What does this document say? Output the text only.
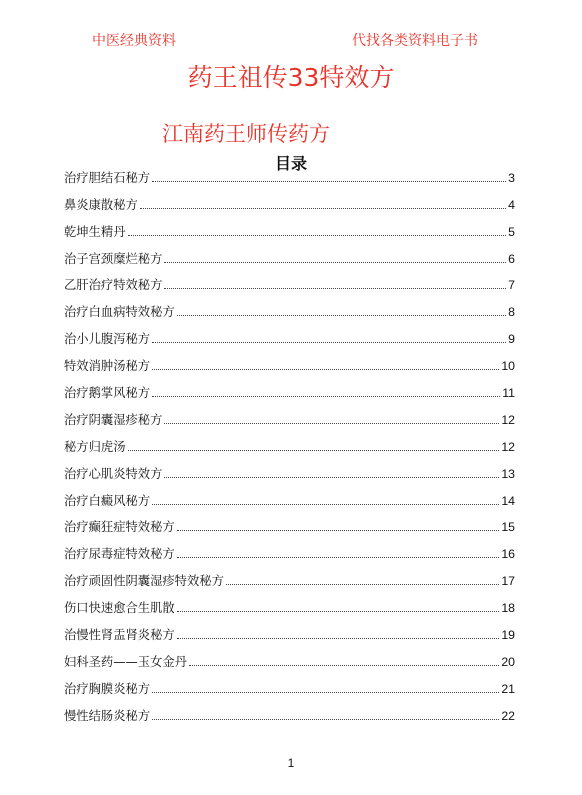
中医经典资料	代找各类资料电子书
药王祖传33特效方
江南药王师传药方
目录
治疗胆结石秘方	3
鼻炎康散秘方	4
乾坤生精丹	5
治子宫颈糜烂秘方	6
乙肝治疗特效秘方	7
治疗白血病特效秘方	8
治小儿腹泻秘方	9
特效消肿汤秘方	10
治疗鹅掌风秘方	11
治疗阴囊湿疹秘方	12
秘方归虎汤	12
治疗心肌炎特效方	13
治疗白癜风秘方	14
治疗癫狂症特效秘方	15
治疗尿毒症特效秘方	16
治疗顽固性阴囊湿疹特效秘方	17
伤口快速愈合生肌散	18
治慢性肾盂肾炎秘方	19
妇科圣药——玉女金丹	20
治疗胸膜炎秘方	21
慢性结肠炎秘方	22
1
